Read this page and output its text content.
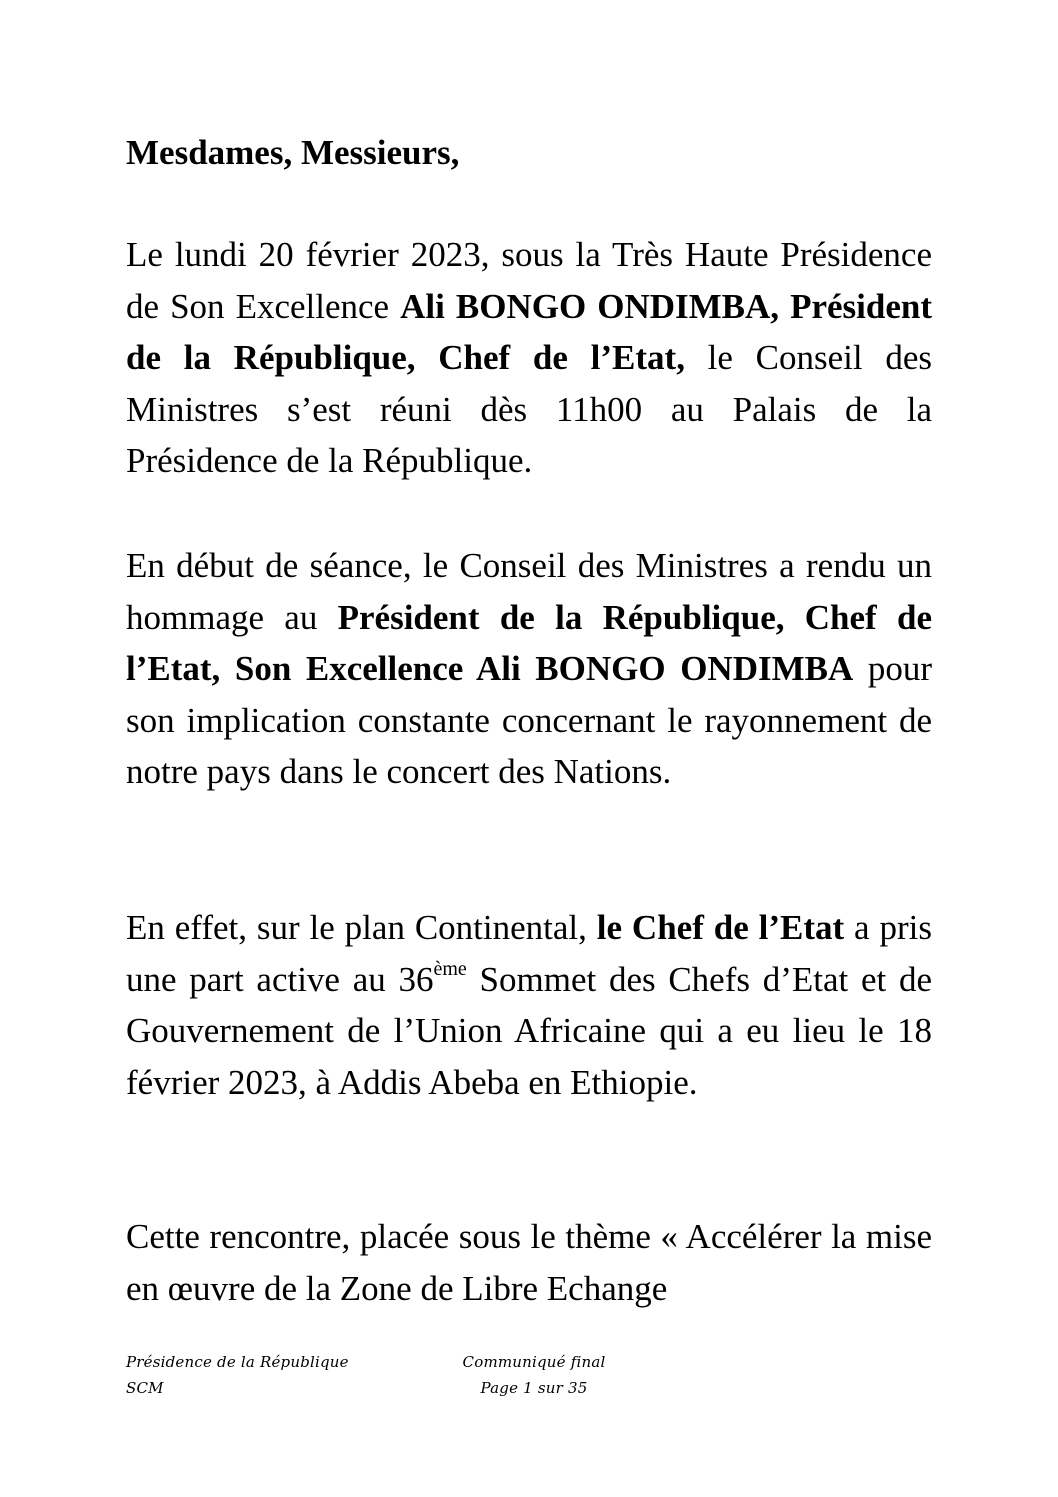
Mesdames, Messieurs,

Le lundi 20 février 2023, sous la Très Haute Présidence de Son Excellence Ali BONGO ONDIMBA, Président de la République, Chef de l’Etat, le Conseil des Ministres s’est réuni dès 11h00 au Palais de la Présidence de la République.

En début de séance, le Conseil des Ministres a rendu un hommage au Président de la République, Chef de l’Etat, Son Excellence Ali BONGO ONDIMBA pour son implication constante concernant le rayonnement de notre pays dans le concert des Nations.

En effet, sur le plan Continental, le Chef de l’Etat a pris une part active au 36ème Sommet des Chefs d’Etat et de Gouvernement de l’Union Africaine qui a eu lieu le 18 février 2023, à Addis Abeba en Ethiopie.

Cette rencontre, placée sous le thème « Accélérer la mise en œuvre de la Zone de Libre Echange

Présidence de la République
SCM
Communiqué final
Page 1 sur 35
